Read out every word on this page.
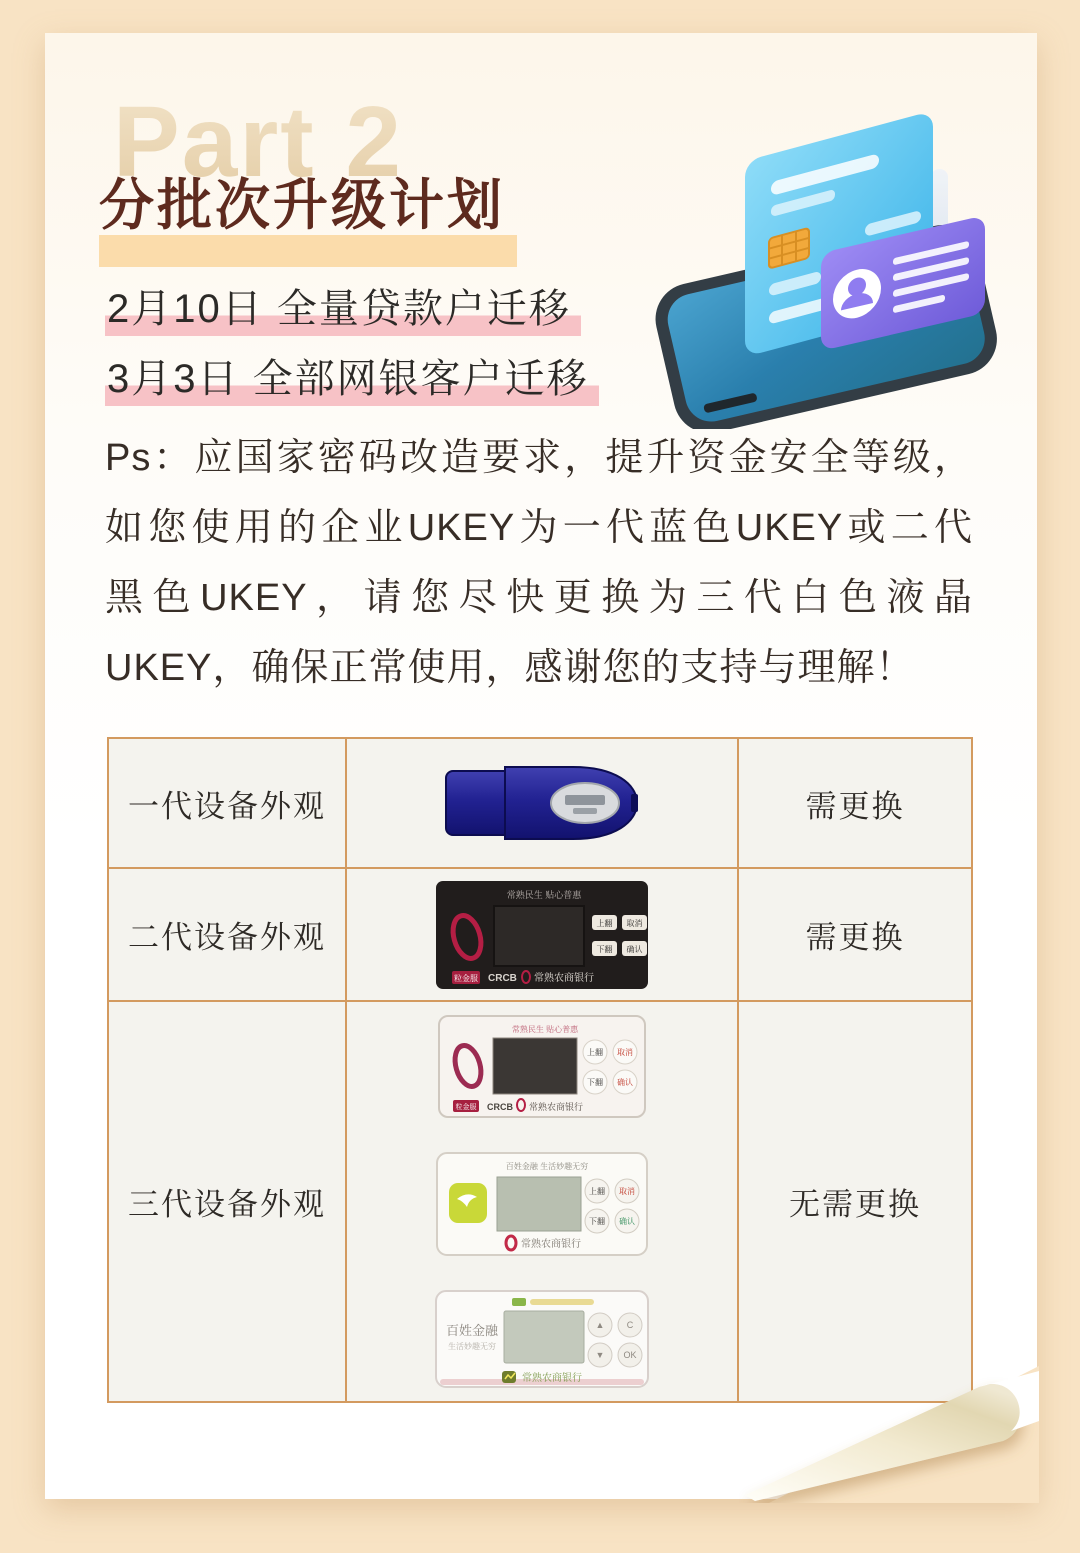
Part 2
分批次升级计划
2月10日 全量贷款户迁移
3月3日 全部网银客户迁移
Ps：应国家密码改造要求，提升资金安全等级，
如您使用的企业UKEY为一代蓝色UKEY或二代
黑色UKEY，请您尽快更换为三代白色液晶
UKEY，确保正常使用，感谢您的支持与理解！
一代设备外观	需更换
二代设备外观
常熟民生 贴心普惠
上翻 取消
下翻 确认
粒金服 CRCB 常熟农商银行
需更换
三代设备外观
常熟民生 贴心普惠
上翻 取消
下翻 确认
粒金服 CRCB 常熟农商银行
百姓金融 生活妙趣无穷
上翻 取消
下翻 确认
常熟农商银行
百姓金融
生活妙趣无穷
▲ C
▼ OK
常熟农商银行
无需更换
